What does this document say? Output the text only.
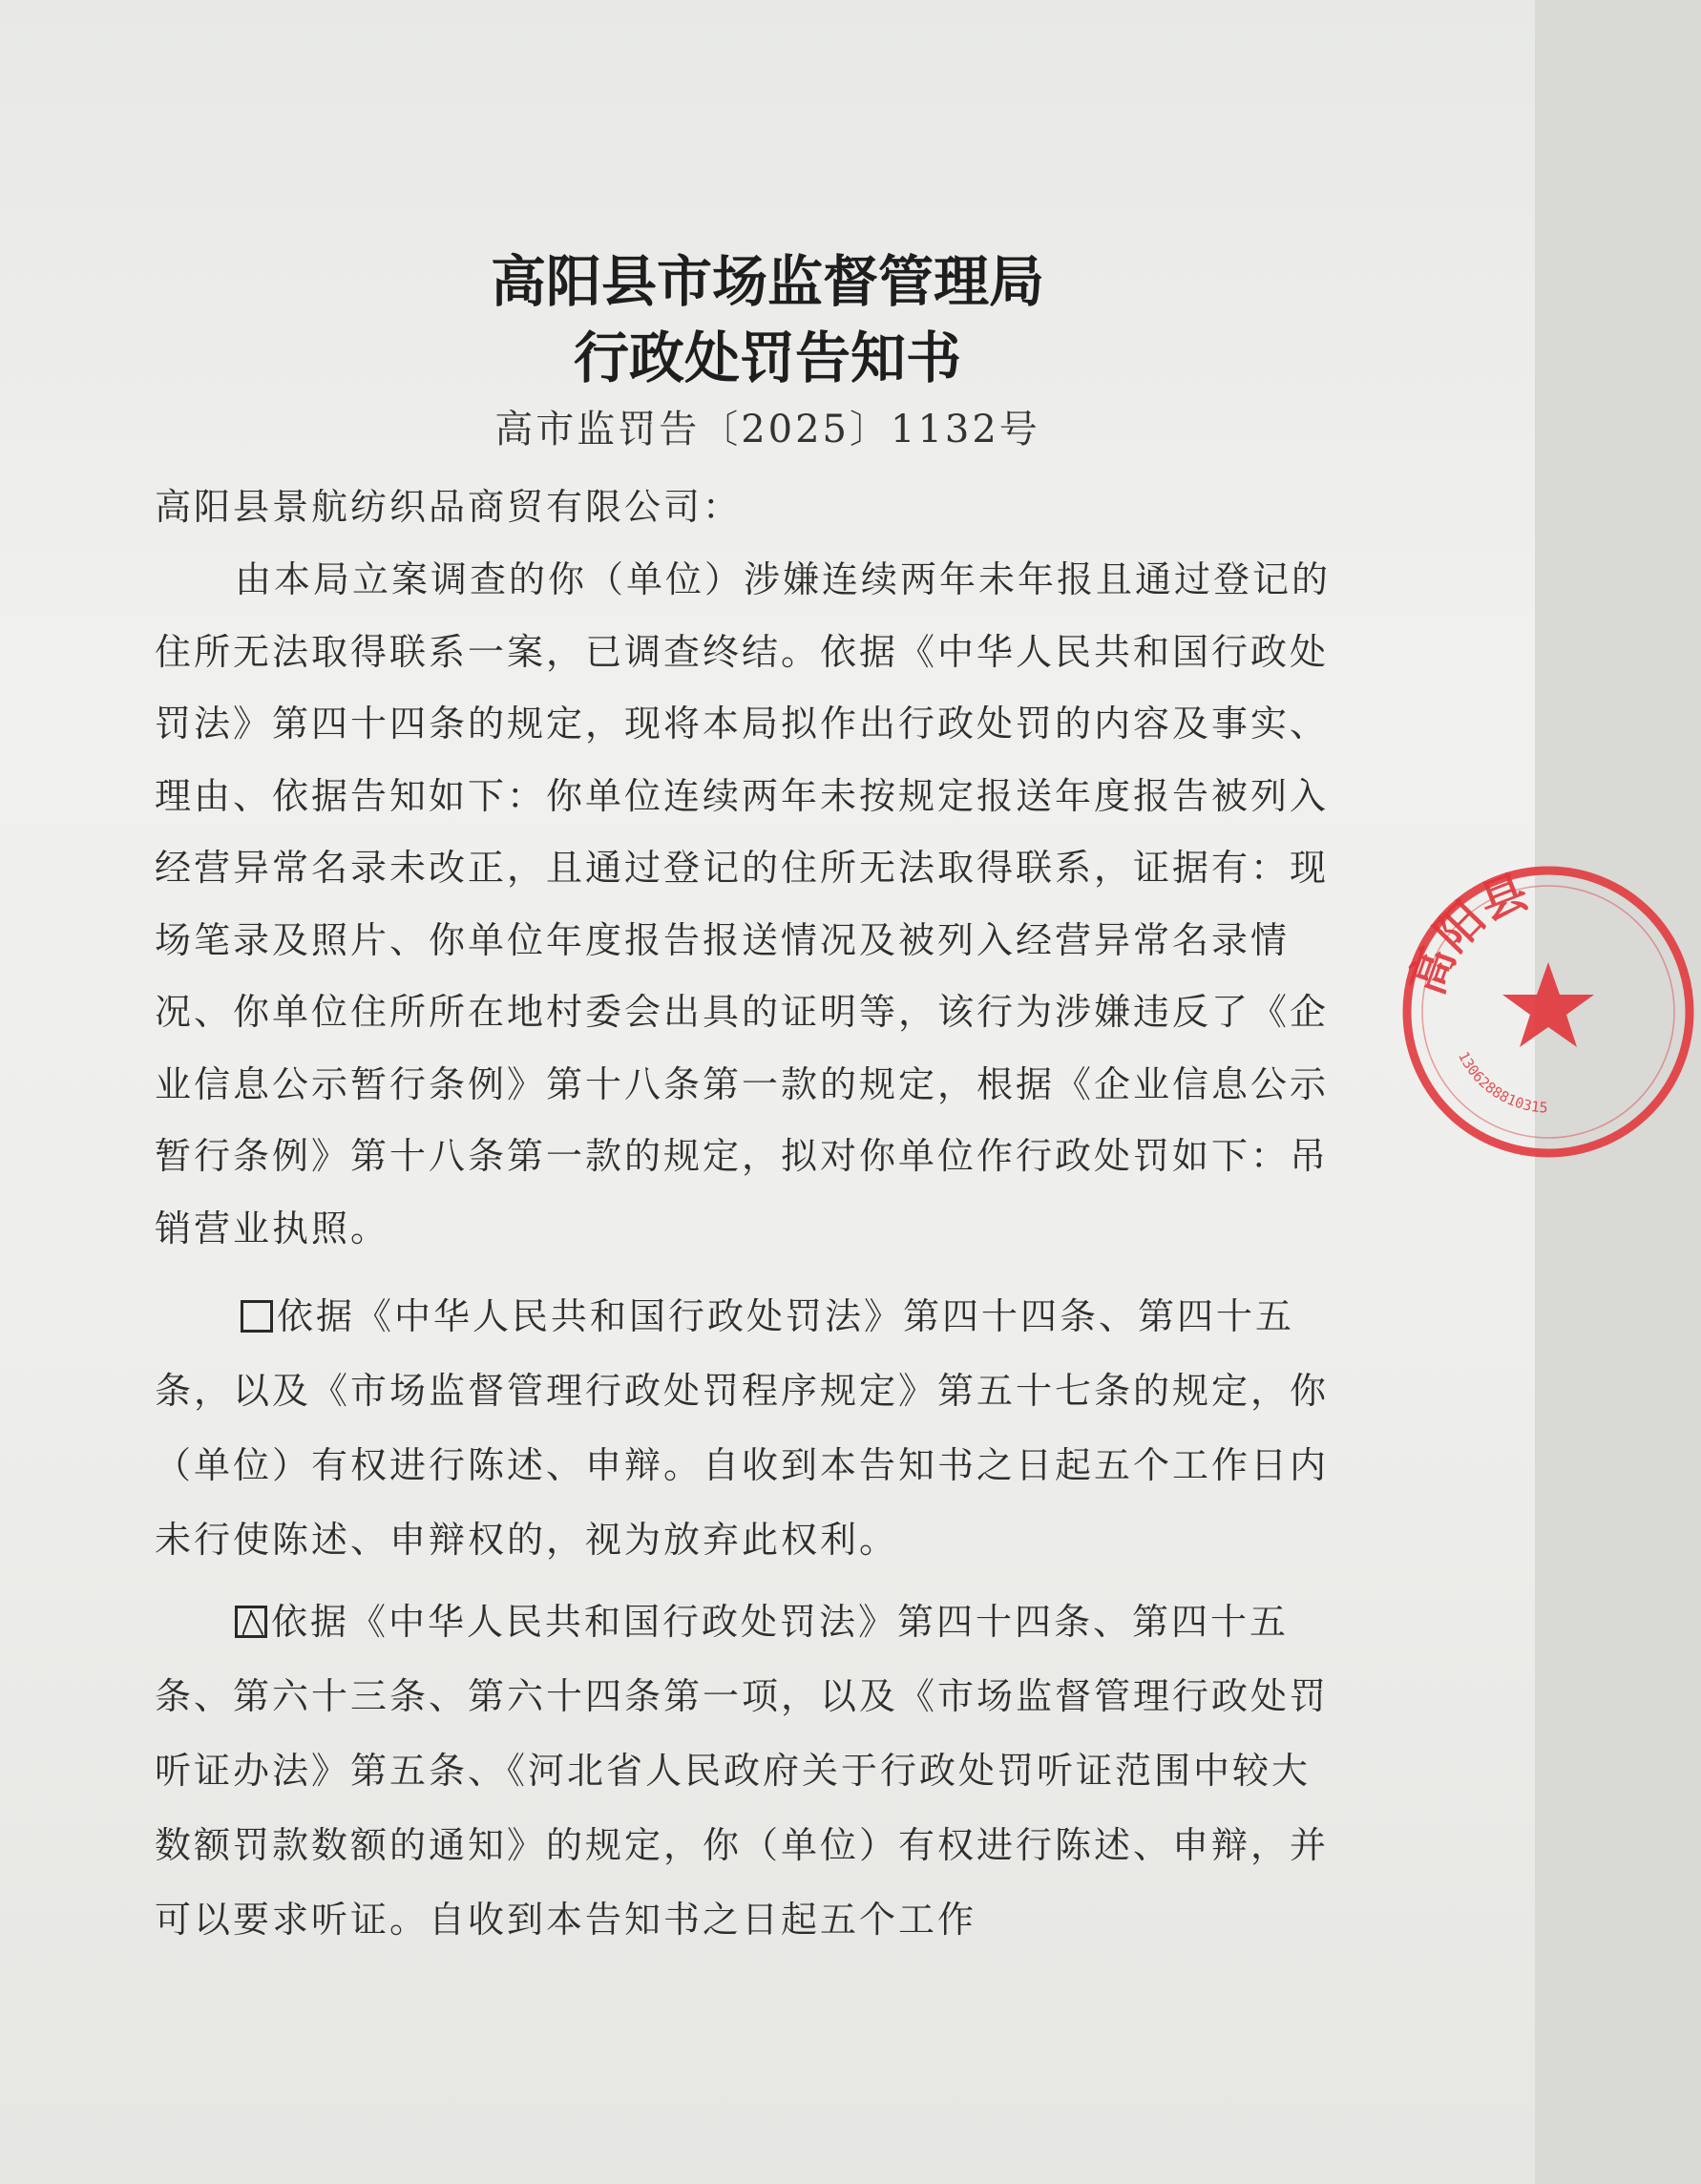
高阳县市场监督管理局
行政处罚告知书
高市监罚告〔2025〕1132号
高阳县景航纺织品商贸有限公司：

由本局立案调查的你（单位）涉嫌连续两年未年报且通过登记的住所无法取得联系一案，已调查终结。依据《中华人民共和国行政处罚法》第四十四条的规定，现将本局拟作出行政处罚的内容及事实、理由、依据告知如下：你单位连续两年未按规定报送年度报告被列入经营异常名录未改正，且通过登记的住所无法取得联系，证据有：现场笔录及照片、你单位年度报告报送情况及被列入经营异常名录情况、你单位住所所在地村委会出具的证明等，该行为涉嫌违反了《企业信息公示暂行条例》第十八条第一款的规定，根据《企业信息公示暂行条例》第十八条第一款的规定，拟对你单位作行政处罚如下：吊销营业执照。

依据《中华人民共和国行政处罚法》第四十四条、第四十五条，以及《市场监督管理行政处罚程序规定》第五十七条的规定，你（单位）有权进行陈述、申辩。自收到本告知书之日起五个工作日内未行使陈述、申辩权的，视为放弃此权利。

依据《中华人民共和国行政处罚法》第四十四条、第四十五条、第六十三条、第六十四条第一项，以及《市场监督管理行政处罚听证办法》第五条、《河北省人民政府关于行政处罚听证范围中较大数额罚款数额的通知》的规定，你（单位）有权进行陈述、申辩，并可以要求听证。自收到本告知书之日起五个工作

高阳县
1306288810315
